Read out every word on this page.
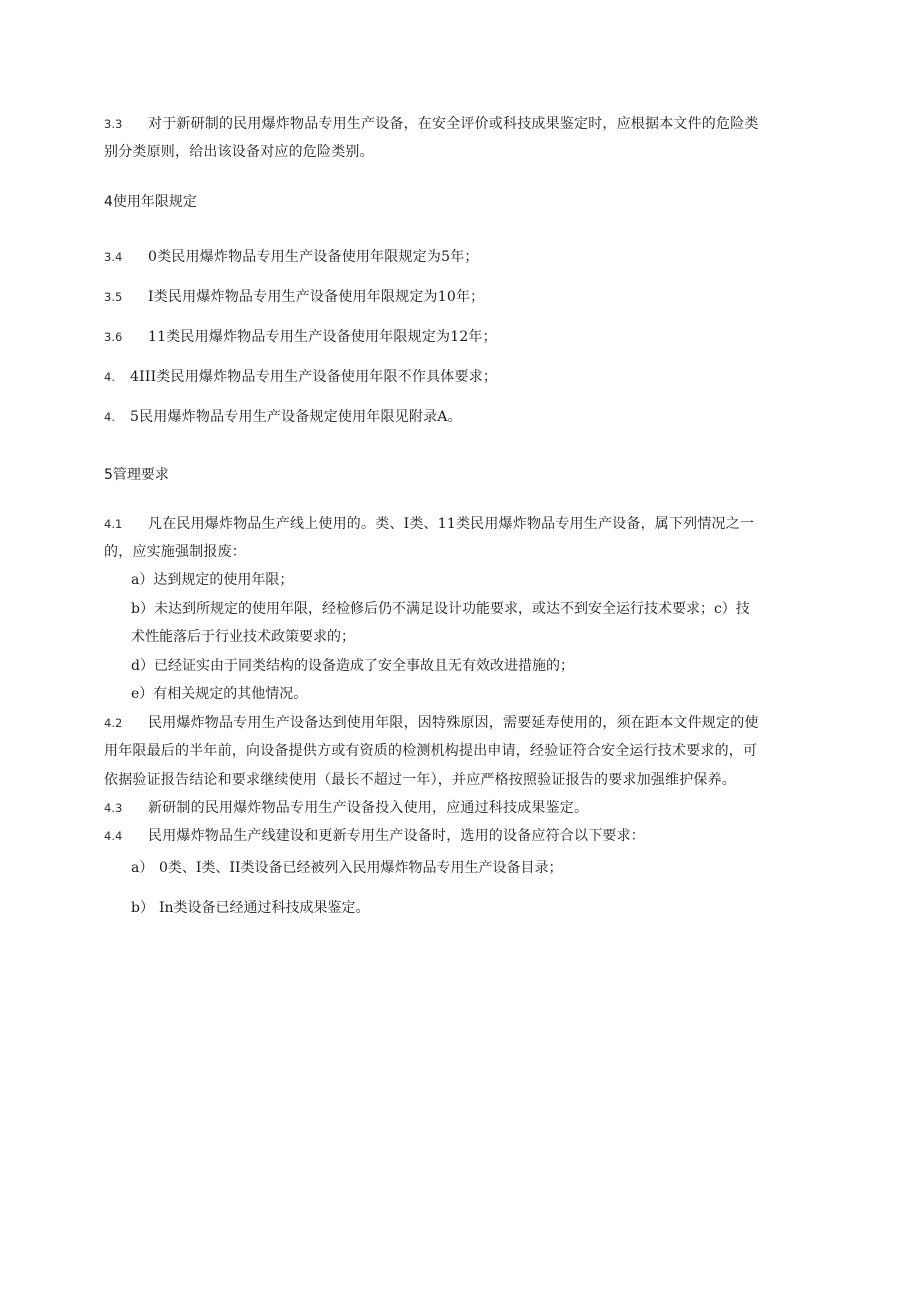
3.3 对于新研制的民用爆炸物品专用生产设备，在安全评价或科技成果鉴定时，应根据本文件的危险类
别分类原则，给出该设备对应的危险类别。
4使用年限规定
3.4 0类民用爆炸物品专用生产设备使用年限规定为5年；
3.5 I类民用爆炸物品专用生产设备使用年限规定为10年；
3.6 11类民用爆炸物品专用生产设备使用年限规定为12年；
4. 4III类民用爆炸物品专用生产设备使用年限不作具体要求；
4. 5民用爆炸物品专用生产设备规定使用年限见附录A。
5管理要求
4.1 凡在民用爆炸物品生产线上使用的。类、I类、11类民用爆炸物品专用生产设备，属下列情况之一
的，应实施强制报废：
a）达到规定的使用年限；
b）未达到所规定的使用年限，经检修后仍不满足设计功能要求，或达不到安全运行技术要求；c）技
术性能落后于行业技术政策要求的；
d）已经证实由于同类结构的设备造成了安全事故且无有效改进措施的；
e）有相关规定的其他情况。
4.2 民用爆炸物品专用生产设备达到使用年限，因特殊原因，需要延寿使用的，须在距本文件规定的使
用年限最后的半年前，向设备提供方或有资质的检测机构提出申请，经验证符合安全运行技术要求的，可
依据验证报告结论和要求继续使用（最长不超过一年），并应严格按照验证报告的要求加强维护保养。
4.3 新研制的民用爆炸物品专用生产设备投入使用，应通过科技成果鉴定。
4.4 民用爆炸物品生产线建设和更新专用生产设备时，选用的设备应符合以下要求：
a） 0类、I类、II类设备已经被列入民用爆炸物品专用生产设备目录；
b） In类设备已经通过科技成果鉴定。
